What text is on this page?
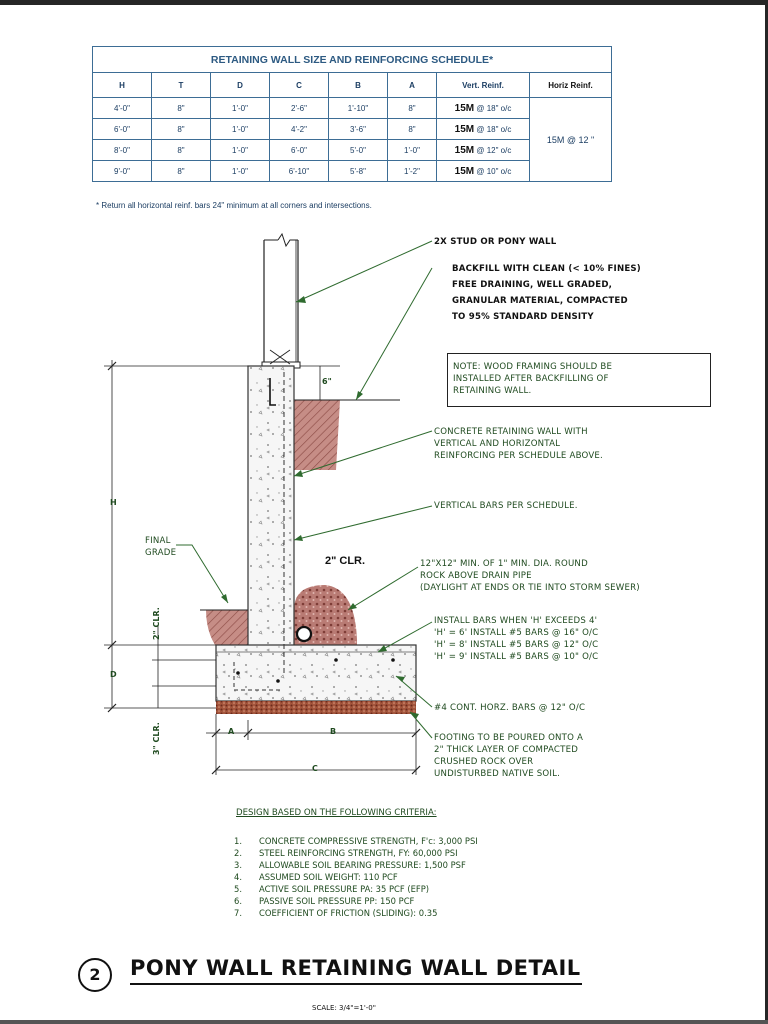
RETAINING WALL SIZE AND REINFORCING SCHEDULE*							
H	T	D	C	B	A	Vert. Reinf.	Horiz Reinf.
4'-0"	8"	1'-0"	2'-6"	1'-10"	8"	15M @ 18" o/c	15M @ 12 "
6'-0"	8"	1'-0"	4'-2"	3'-6"	8"	15M @ 18" o/c	
8'-0"	8"	1'-0"	6'-0"	5'-0"	1'-0"	15M @ 12" o/c	
9'-0"	8"	1'-0"	6'-10"	5'-8"	1'-2"	15M @ 10" o/c	
* Return all horizontal reinf. bars 24" minimum at all corners and intersections.
2X STUD OR PONY WALL
BACKFILL WITH CLEAN (< 10% FINES)
FREE DRAINING, WELL GRADED,
GRANULAR MATERIAL, COMPACTED
TO 95% STANDARD DENSITY
NOTE: WOOD FRAMING SHOULD BE
INSTALLED AFTER BACKFILLING OF
RETAINING WALL.
CONCRETE RETAINING WALL WITH
VERTICAL AND HORIZONTAL
REINFORCING PER SCHEDULE ABOVE.
VERTICAL BARS PER SCHEDULE.
12"X12" MIN. OF 1" MIN. DIA. ROUND
ROCK ABOVE DRAIN PIPE
(DAYLIGHT AT ENDS OR TIE INTO STORM SEWER)
INSTALL BARS WHEN 'H' EXCEEDS 4'
'H' = 6' INSTALL #5 BARS @ 16" O/C
'H' = 8' INSTALL #5 BARS @ 12" O/C
'H' = 9' INSTALL #5 BARS @ 10" O/C
#4 CONT. HORZ. BARS @ 12" O/C
FOOTING TO BE POURED ONTO A
2" THICK LAYER OF COMPACTED
CRUSHED ROCK OVER
UNDISTURBED NATIVE SOIL.
FINAL
GRADE
2" CLR.
6"
H
D
2" CLR.
3" CLR.	A	B
C
DESIGN BASED ON THE FOLLOWING CRITERIA:
1. CONCRETE COMPRESSIVE STRENGTH, F'c: 3,000 PSI
2. STEEL REINFORCING STRENGTH, FY: 60,000 PSI
3. ALLOWABLE SOIL BEARING PRESSURE: 1,500 PSF
4. ASSUMED SOIL WEIGHT: 110 PCF
5. ACTIVE SOIL PRESSURE PA: 35 PCF (EFP)
6. PASSIVE SOIL PRESSURE PP: 150 PCF
7. COEFFICIENT OF FRICTION (SLIDING): 0.35
2	PONY WALL RETAINING WALL DETAIL
SCALE: 3/4"=1'-0"
